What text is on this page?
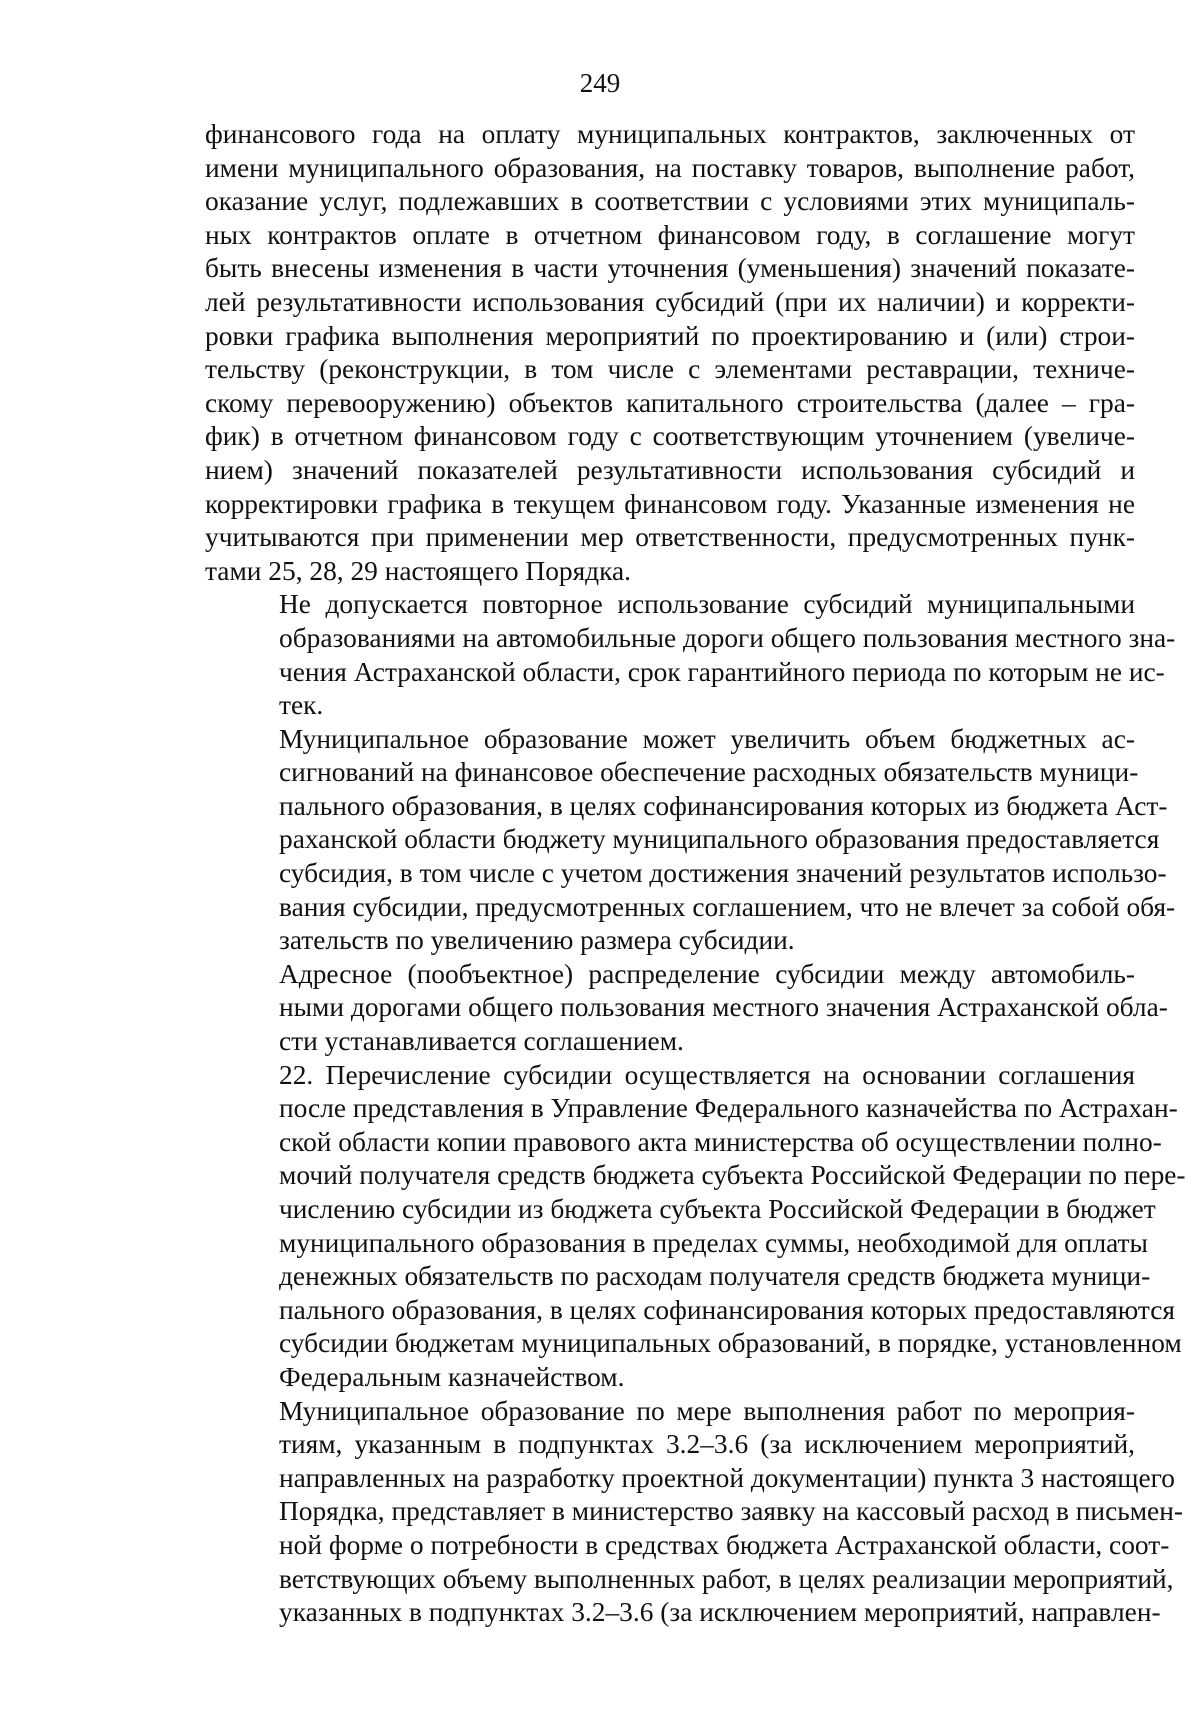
249
финансового года на оплату муниципальных контрактов, заключенных от
имени муниципального образования, на поставку товаров, выполнение работ,
оказание услуг, подлежавших в соответствии с условиями этих муниципаль-
ных контрактов оплате в отчетном финансовом году, в соглашение могут
быть внесены изменения в части уточнения (уменьшения) значений показате-
лей результативности использования субсидий (при их наличии) и корректи-
ровки графика выполнения мероприятий по проектированию и (или) строи-
тельству (реконструкции, в том числе с элементами реставрации, техниче-
скому перевооружению) объектов капитального строительства (далее – гра-
фик) в отчетном финансовом году с соответствующим уточнением (увеличе-
нием) значений показателей результативности использования субсидий и
корректировки графика в текущем финансовом году. Указанные изменения не
учитываются при применении мер ответственности, предусмотренных пунк-
тами 25, 28, 29 настоящего Порядка.
Не допускается повторное использование субсидий муниципальными
образованиями на автомобильные дороги общего пользования местного зна-
чения Астраханской области, срок гарантийного периода по которым не ис-
тек.
Муниципальное образование может увеличить объем бюджетных ас-
сигнований на финансовое обеспечение расходных обязательств муници-
пального образования, в целях софинансирования которых из бюджета Аст-
раханской области бюджету муниципального образования предоставляется
субсидия, в том числе с учетом достижения значений результатов использо-
вания субсидии, предусмотренных соглашением, что не влечет за собой обя-
зательств по увеличению размера субсидии.
Адресное (пообъектное) распределение субсидии между автомобиль-
ными дорогами общего пользования местного значения Астраханской обла-
сти устанавливается соглашением.
22. Перечисление субсидии осуществляется на основании соглашения
после представления в Управление Федерального казначейства по Астрахан-
ской области копии правового акта министерства об осуществлении полно-
мочий получателя средств бюджета субъекта Российской Федерации по пере-
числению субсидии из бюджета субъекта Российской Федерации в бюджет
муниципального образования в пределах суммы, необходимой для оплаты
денежных обязательств по расходам получателя средств бюджета муници-
пального образования, в целях софинансирования которых предоставляются
субсидии бюджетам муниципальных образований, в порядке, установленном
Федеральным казначейством.
Муниципальное образование по мере выполнения работ по мероприя-
тиям, указанным в подпунктах 3.2–3.6 (за исключением мероприятий,
направленных на разработку проектной документации) пункта 3 настоящего
Порядка, представляет в министерство заявку на кассовый расход в письмен-
ной форме о потребности в средствах бюджета Астраханской области, соот-
ветствующих объему выполненных работ, в целях реализации мероприятий,
указанных в подпунктах 3.2–3.6 (за исключением мероприятий, направлен-
